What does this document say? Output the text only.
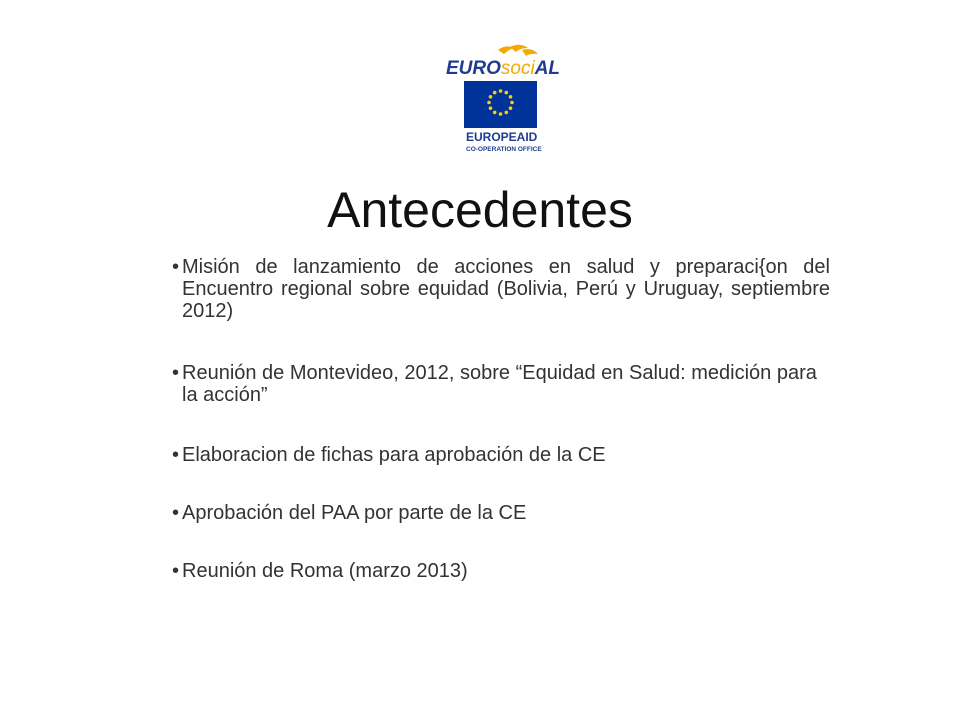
EUROsociAL
EUROPEAID
CO-OPERATION OFFICE
Antecedentes
• Misión de lanzamiento de acciones en salud y preparaci{on del Encuentro regional sobre equidad (Bolivia, Perú y Uruguay, septiembre 2012)
• Reunión de Montevideo, 2012, sobre “Equidad en Salud: medición para la acción”
• Elaboracion de fichas para aprobación de la CE
• Aprobación del PAA por parte de la CE
• Reunión de Roma (marzo 2013)
